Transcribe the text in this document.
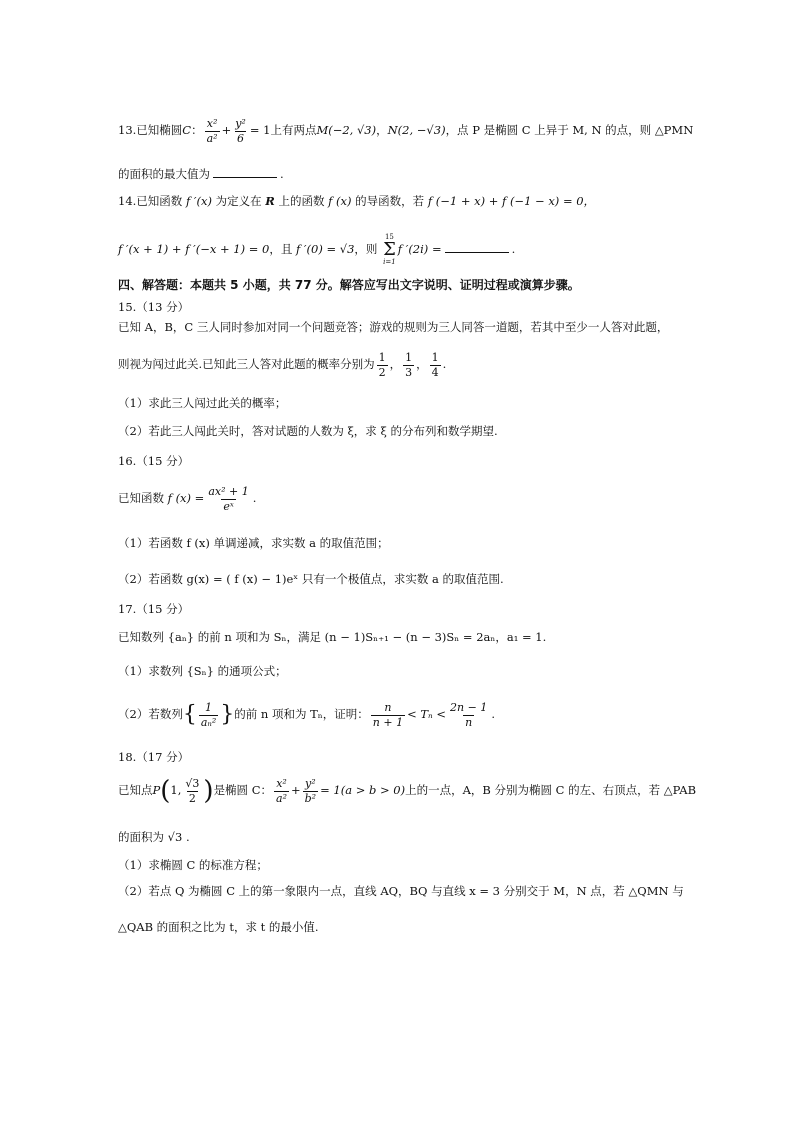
13.已知椭圆C： $\frac{\text{x²}}{\text{a²}} + \frac{\text{y²}}{6} = 1$上有两点M(−2, √3)，N(2, −√3)，点 P 是椭圆 C 上异于 M, N 的点，则 △PMN
的面积的最大值为	.
14.已知函数 f ′(x) 为定义在 R 上的函数 f (x) 的导函数，若 f (−1 + x) + f (−1 − x) = 0，
f ′(x + 1) + f ′(−x + 1) = 0，且 f ′(0) = √3，则
15
Σ
i=1
f ′(2i) =	.
四、解答题：本题共 5 小题，共 77 分。解答应写出文字说明、证明过程或演算步骤。
15.（13 分）
已知 A，B，C 三人同时参加对同一个问题竞答；游戏的规则为三人同答一道题，若其中至少一人答对此题，
则视为闯过此关.已知此三人答对此题的概率分别为 $\frac{1}{2}$ ， $\frac{1}{3}$ ， $\frac{1}{4}$ .
（1）求此三人闯过此关的概率；
（2）若此三人闯此关时，答对试题的人数为 ξ，求 ξ 的分布列和数学期望.
16.（15 分）
已知函数 f $(x) = \frac{\text{ax² + 1}}{\text{eˣ}}$ .
（1）若函数 f (x) 单调递减，求实数 a 的取值范围；
（2）若函数 g(x) = ( f (x) − 1)eˣ 只有一个极值点，求实数 a 的取值范围.
17.（15 分）
已知数列 {aₙ} 的前 n 项和为 Sₙ，满足 (n − 1)Sₙ₊₁ − (n − 3)Sₙ = 2aₙ，a₁ = 1.
（1）求数列 {Sₙ} 的通项公式；
（2）若数列{ $\frac{1}{\text{aₙ²}}$ }的前 n 项和为 Tₙ，证明： $\frac{n}{n + 1} < T_n < \frac{2n - 1}{n}$ .
18.（17 分）
已知点P(1, $\frac{√3}{2}$ )是椭圆 C： $\frac{\text{x²}}{\text{a²}} + \frac{\text{y²}}{\text{b²}} = 1(a > b > 0)$上的一点，A，B 分别为椭圆 C 的左、右顶点，若 △PAB
的面积为 √3 .
（1）求椭圆 C 的标准方程；
（2）若点 Q 为椭圆 C 上的第一象限内一点，直线 AQ，BQ 与直线 x = 3 分别交于 M，N 点，若 △QMN 与
△QAB 的面积之比为 t，求 t 的最小值.
